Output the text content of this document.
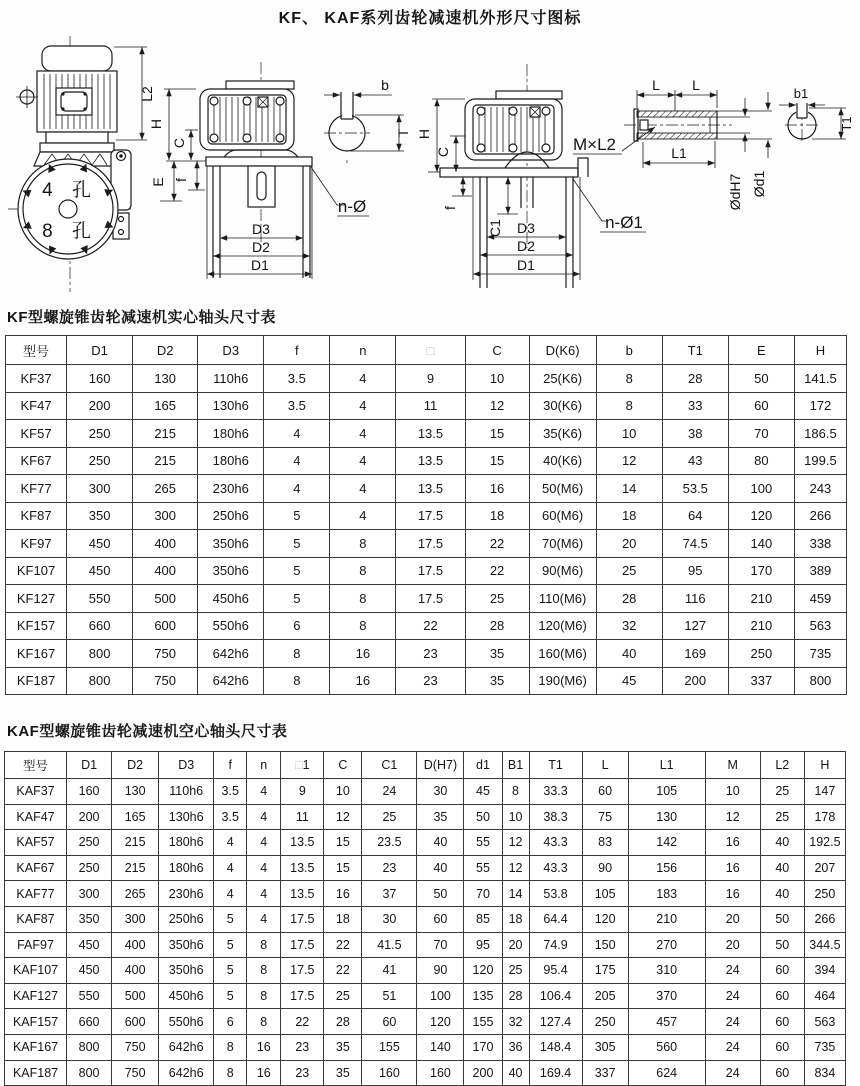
KF、 KAF系列齿轮减速机外形尺寸图标
4 孔
8 孔
L2
H
C
E f
D3
D2
D1
n-Ø
b
T H
C
f
C1 D3
D2
D1
n-Ø1
M×L2
L L
L1
ØdH7 Ød1
b1
T1
KF型螺旋锥齿轮减速机实心轴头尺寸表
型号	D1	D2	D3	f	n	□	C	D(K6)	b	T1	E	H
KF37	160	130	110h6	3.5	4	9	10	25(K6)	8	28	50	141.5
KF47	200	165	130h6	3.5	4	11	12	30(K6)	8	33	60	172
KF57	250	215	180h6	4	4	13.5	15	35(K6)	10	38	70	186.5
KF67	250	215	180h6	4	4	13.5	15	40(K6)	12	43	80	199.5
KF77	300	265	230h6	4	4	13.5	16	50(M6)	14	53.5	100	243
KF87	350	300	250h6	5	4	17.5	18	60(M6)	18	64	120	266
KF97	450	400	350h6	5	8	17.5	22	70(M6)	20	74.5	140	338
KF107	450	400	350h6	5	8	17.5	22	90(M6)	25	95	170	389
KF127	550	500	450h6	5	8	17.5	25	110(M6)	28	116	210	459
KF157	660	600	550h6	6	8	22	28	120(M6)	32	127	210	563
KF167	800	750	642h6	8	16	23	35	160(M6)	40	169	250	735
KF187	800	750	642h6	8	16	23	35	190(M6)	45	200	337	800
KAF型螺旋锥齿轮减速机空心轴头尺寸表
型号	D1	D2	D3	f	n	□1	C	C1	D(H7)	d1	B1	T1	L	L1	M	L2	H
KAF37	160	130	110h6	3.5	4	9	10	24	30	45	8	33.3	60	105	10	25	147
KAF47	200	165	130h6	3.5	4	11	12	25	35	50	10	38.3	75	130	12	25	178
KAF57	250	215	180h6	4	4	13.5	15	23.5	40	55	12	43.3	83	142	16	40	192.5
KAF67	250	215	180h6	4	4	13.5	15	23	40	55	12	43.3	90	156	16	40	207
KAF77	300	265	230h6	4	4	13.5	16	37	50	70	14	53.8	105	183	16	40	250
KAF87	350	300	250h6	5	4	17.5	18	30	60	85	18	64.4	120	210	20	50	266
FAF97	450	400	350h6	5	8	17.5	22	41.5	70	95	20	74.9	150	270	20	50	344.5
KAF107	450	400	350h6	5	8	17.5	22	41	90	120	25	95.4	175	310	24	60	394
KAF127	550	500	450h6	5	8	17.5	25	51	100	135	28	106.4	205	370	24	60	464
KAF157	660	600	550h6	6	8	22	28	60	120	155	32	127.4	250	457	24	60	563
KAF167	800	750	642h6	8	16	23	35	155	140	170	36	148.4	305	560	24	60	735
KAF187	800	750	642h6	8	16	23	35	160	160	200	40	169.4	337	624	24	60	834
